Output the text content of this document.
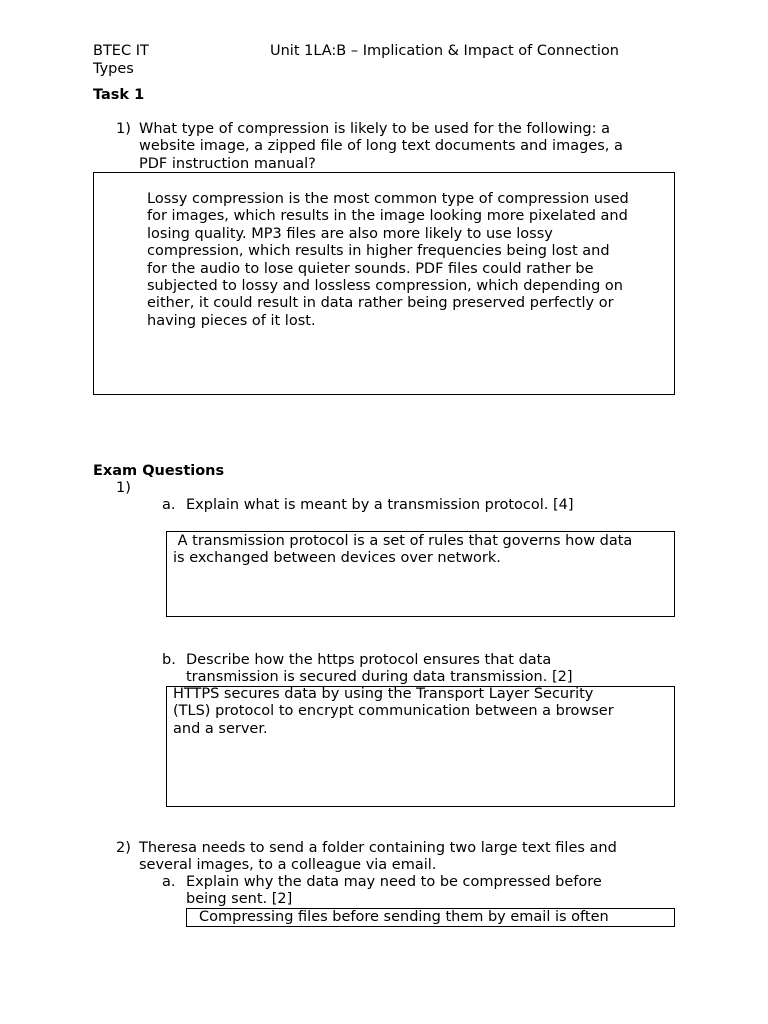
BTEC IT	Unit 1LA:B – Implication & Impact of Connection
Types
Task 1
1) What type of compression is likely to be used for the following: a
website image, a zipped file of long text documents and images, a
PDF instruction manual?
Lossy compression is the most common type of compression used
for images, which results in the image looking more pixelated and
losing quality. MP3 files are also more likely to use lossy
compression, which results in higher frequencies being lost and
for the audio to lose quieter sounds. PDF files could rather be
subjected to lossy and lossless compression, which depending on
either, it could result in data rather being preserved perfectly or
having pieces of it lost.
Exam Questions
1)
a. Explain what is meant by a transmission protocol. [4]
A transmission protocol is a set of rules that governs how data
is exchanged between devices over network.
b. Describe how the https protocol ensures that data
transmission is secured during data transmission. [2]
HTTPS secures data by using the Transport Layer Security
(TLS) protocol to encrypt communication between a browser
and a server.
2) Theresa needs to send a folder containing two large text files and
several images, to a colleague via email.
a. Explain why the data may need to be compressed before
being sent. [2]
Compressing files before sending them by email is often
